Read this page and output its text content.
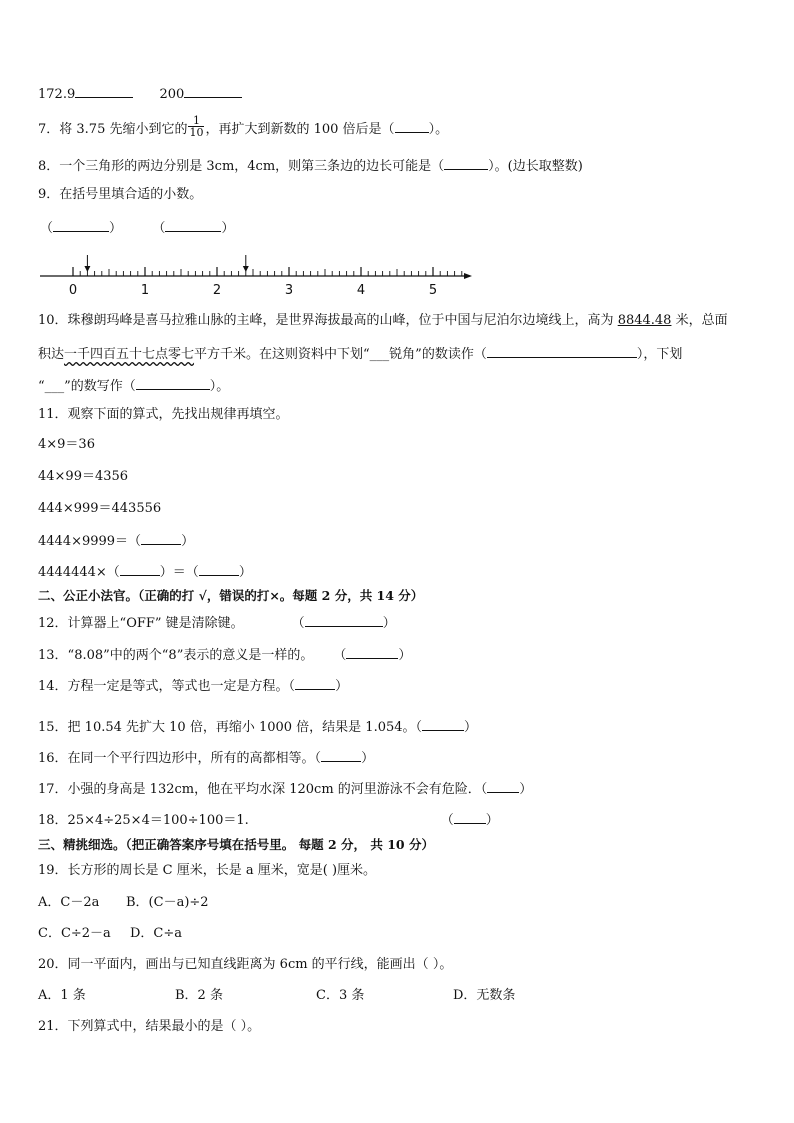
172.9	200
7．将 3.75 先缩小到它的 $\frac{1}{10}$ ，再扩大到新数的 100 倍后是（	）。
8．一个三角形的两边分别是 3cm，4cm，则第三条边的边长可能是（	）。(边长取整数)
9．在括号里填合适的小数。
（	） （	）
0	1	2	3	4	5
10．珠穆朗玛峰是喜马拉雅山脉的主峰，是世界海拔最高的山峰，位于中国与尼泊尔边境线上，高为 8844.48 米，总面
积达一千四百五十七点零七平方千米。在这则资料中下划“___锐角”的数读作（	），下划
“___”的数写作（	）。
11．观察下面的算式，先找出规律再填空。
4×9＝36
44×99＝4356
444×999＝443556
4444×9999＝（	）
4444444×（	）＝（	）
二、公正小法官。（正确的打 √，错误的打×。每题 2 分，共 14 分）
12．计算器上“OFF” 键是清除键。	（	）
13．“8.08”中的两个“8”表示的意义是一样的。 （	）
14．方程一定是等式，等式也一定是方程。（	）
15．把 10.54 先扩大 10 倍，再缩小 1000 倍，结果是 1.054。（	）
16．在同一个平行四边形中，所有的高都相等。（	）
17．小强的身高是 132cm，他在平均水深 120cm 的河里游泳不会有危险．（ ）
18．25×4÷25×4＝100÷100＝1.	（ ）
三、精挑细选。（把正确答案序号填在括号里。 每题 2 分， 共 10 分）
19．长方形的周长是 C 厘米，长是 a 厘米，宽是( )厘米。
A．C－2a B．(C－a)÷2
C．C÷2－a D．C÷a
20．同一平面内，画出与已知直线距离为 6cm 的平行线，能画出（ ）。
A．1 条	B．2 条	C．3 条	D．无数条
21．下列算式中，结果最小的是（ ）。
